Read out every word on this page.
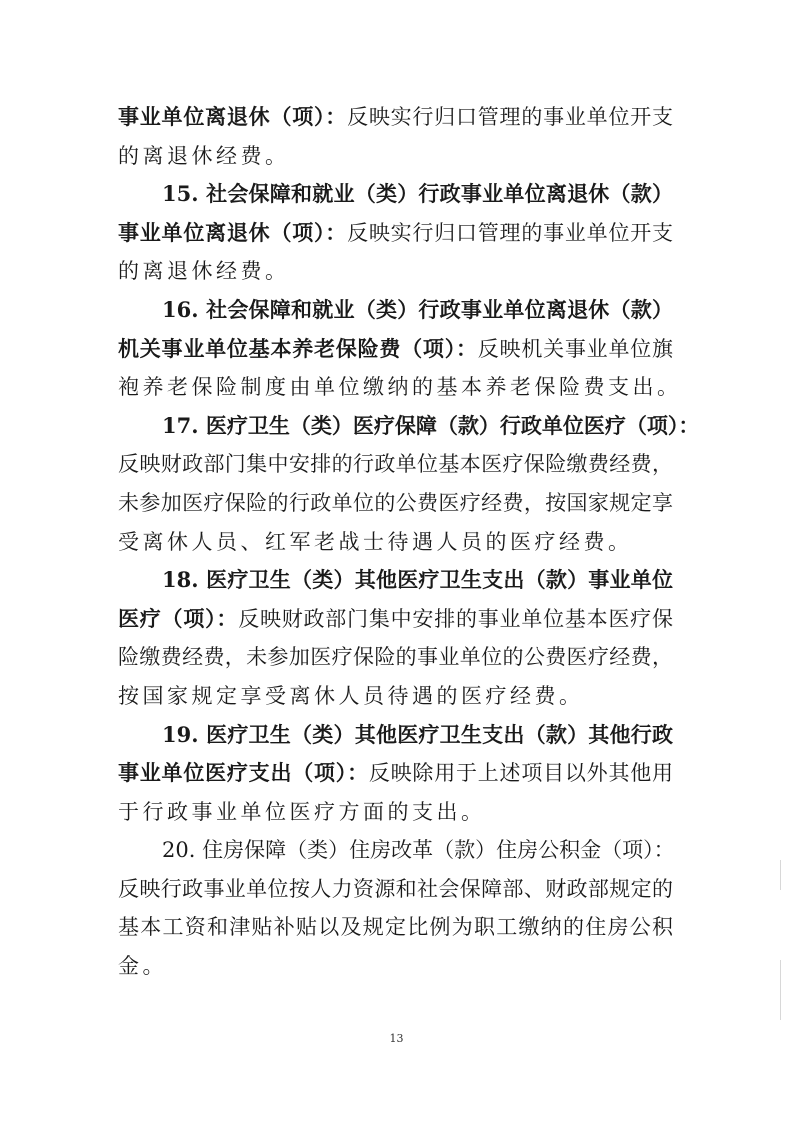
事业单位离退休（项）：反映实行归口管理的事业单位开支
的离退休经费。
15. 社会保障和就业（类）行政事业单位离退休（款）
事业单位离退休（项）：反映实行归口管理的事业单位开支
的离退休经费。
16. 社会保障和就业（类）行政事业单位离退休（款）
机关事业单位基本养老保险费（项）：反映机关事业单位旗
袍养老保险制度由单位缴纳的基本养老保险费支出。
17. 医疗卫生（类）医疗保障（款）行政单位医疗（项）：
反映财政部门集中安排的行政单位基本医疗保险缴费经费，
未参加医疗保险的行政单位的公费医疗经费，按国家规定享
受离休人员、红军老战士待遇人员的医疗经费。
18. 医疗卫生（类）其他医疗卫生支出（款）事业单位
医疗（项）：反映财政部门集中安排的事业单位基本医疗保
险缴费经费，未参加医疗保险的事业单位的公费医疗经费，
按国家规定享受离休人员待遇的医疗经费。
19. 医疗卫生（类）其他医疗卫生支出（款）其他行政
事业单位医疗支出（项）：反映除用于上述项目以外其他用
于行政事业单位医疗方面的支出。
20. 住房保障（类）住房改革（款）住房公积金（项）：
反映行政事业单位按人力资源和社会保障部、财政部规定的
基本工资和津贴补贴以及规定比例为职工缴纳的住房公积
金。
13
